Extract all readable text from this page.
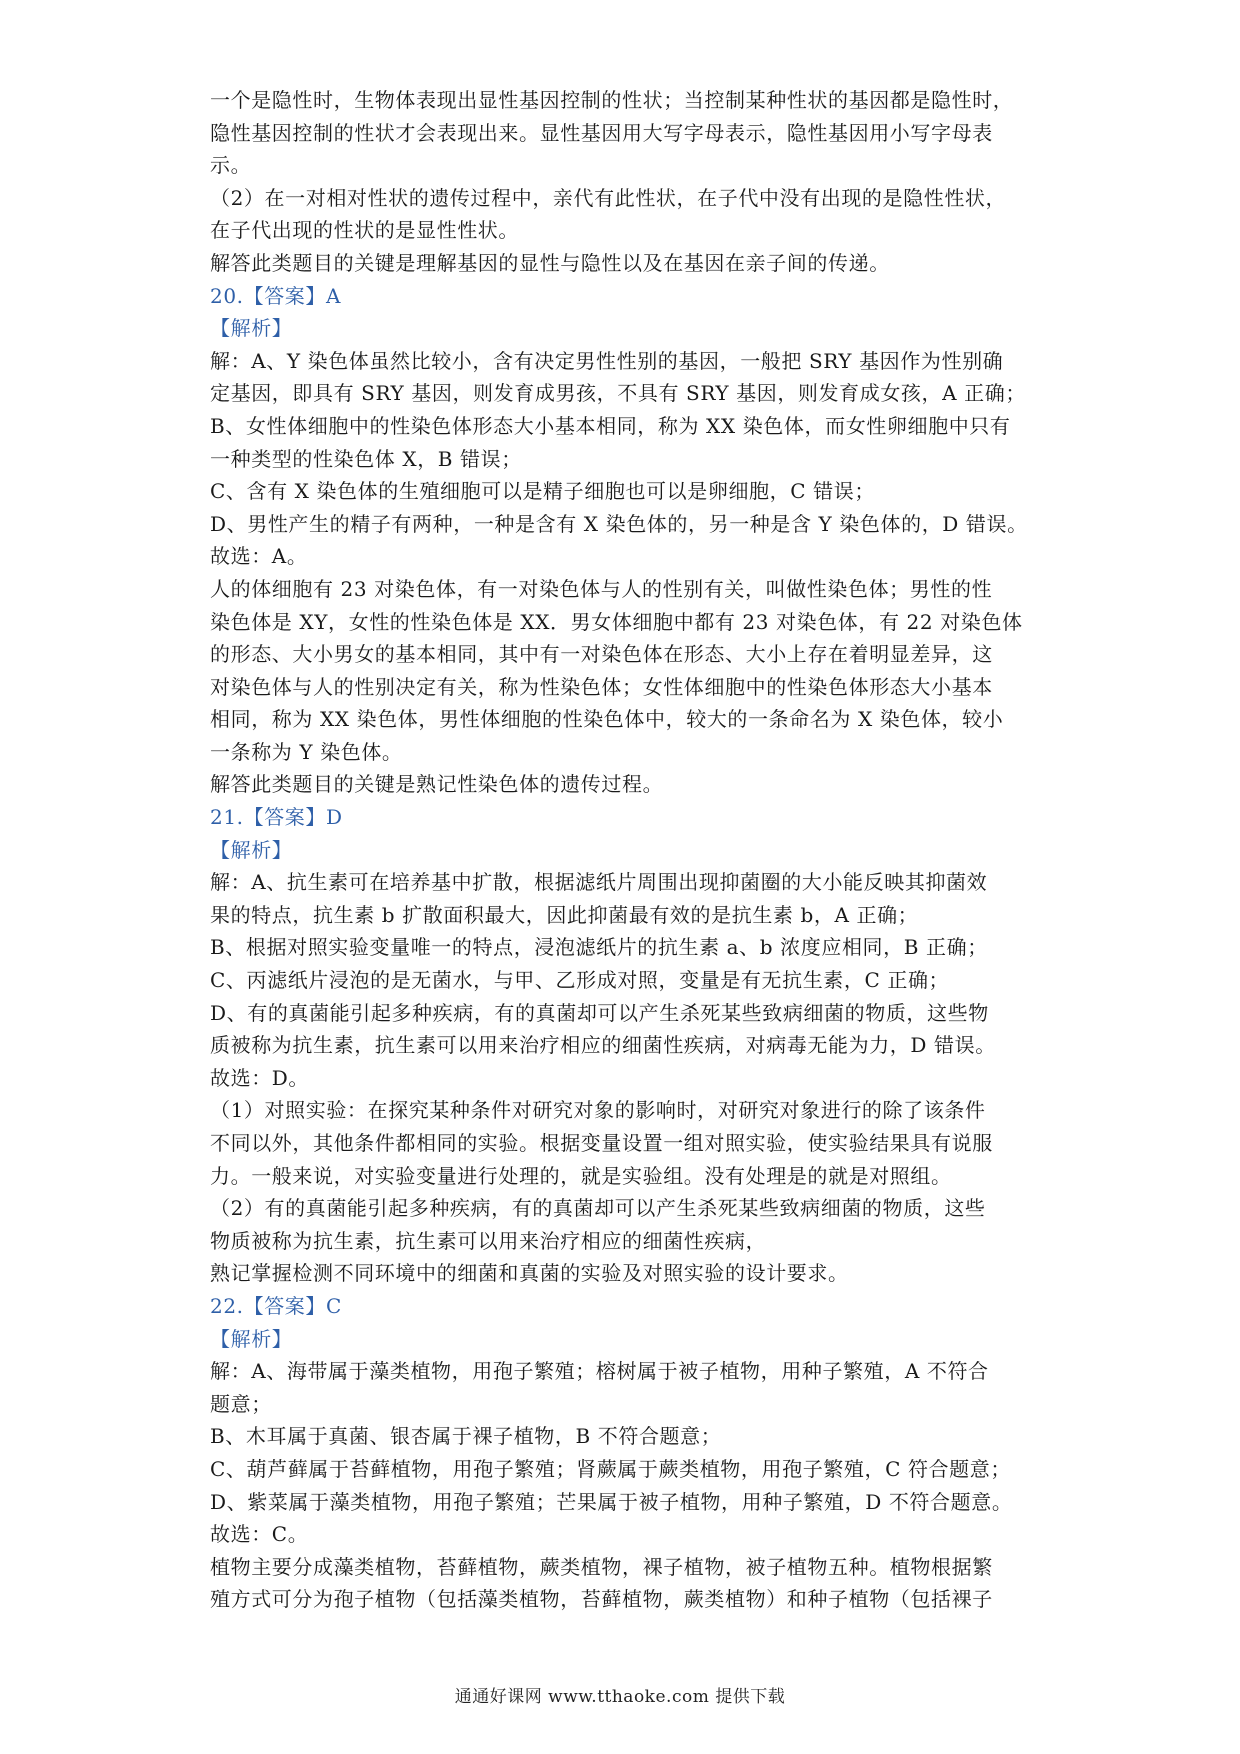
一个是隐性时，生物体表现出显性基因控制的性状；当控制某种性状的基因都是隐性时，
隐性基因控制的性状才会表现出来。显性基因用大写字母表示，隐性基因用小写字母表
示。
（2）在一对相对性状的遗传过程中，亲代有此性状，在子代中没有出现的是隐性性状，
在子代出现的性状的是显性性状。
解答此类题目的关键是理解基因的显性与隐性以及在基因在亲子间的传递。
20.【答案】A
【解析】
解：A、Y 染色体虽然比较小，含有决定男性性别的基因，一般把 SRY 基因作为性别确
定基因，即具有 SRY 基因，则发育成男孩，不具有 SRY 基因，则发育成女孩，A 正确；
B、女性体细胞中的性染色体形态大小基本相同，称为 XX 染色体，而女性卵细胞中只有
一种类型的性染色体 X，B 错误；
C、含有 X 染色体的生殖细胞可以是精子细胞也可以是卵细胞，C 错误；
D、男性产生的精子有两种，一种是含有 X 染色体的，另一种是含 Y 染色体的，D 错误。
故选：A。
人的体细胞有 23 对染色体，有一对染色体与人的性别有关，叫做性染色体；男性的性
染色体是 XY，女性的性染色体是 XX．男女体细胞中都有 23 对染色体，有 22 对染色体
的形态、大小男女的基本相同，其中有一对染色体在形态、大小上存在着明显差异，这
对染色体与人的性别决定有关，称为性染色体；女性体细胞中的性染色体形态大小基本
相同，称为 XX 染色体，男性体细胞的性染色体中，较大的一条命名为 X 染色体，较小
一条称为 Y 染色体。
解答此类题目的关键是熟记性染色体的遗传过程。
21.【答案】D
【解析】
解：A、抗生素可在培养基中扩散，根据滤纸片周围出现抑菌圈的大小能反映其抑菌效
果的特点，抗生素 b 扩散面积最大，因此抑菌最有效的是抗生素 b，A 正确；
B、根据对照实验变量唯一的特点，浸泡滤纸片的抗生素 a、b 浓度应相同，B 正确；
C、丙滤纸片浸泡的是无菌水，与甲、乙形成对照，变量是有无抗生素，C 正确；
D、有的真菌能引起多种疾病，有的真菌却可以产生杀死某些致病细菌的物质，这些物
质被称为抗生素，抗生素可以用来治疗相应的细菌性疾病，对病毒无能为力，D 错误。
故选：D。
（1）对照实验：在探究某种条件对研究对象的影响时，对研究对象进行的除了该条件
不同以外，其他条件都相同的实验。根据变量设置一组对照实验，使实验结果具有说服
力。一般来说，对实验变量进行处理的，就是实验组。没有处理是的就是对照组。
（2）有的真菌能引起多种疾病，有的真菌却可以产生杀死某些致病细菌的物质，这些
物质被称为抗生素，抗生素可以用来治疗相应的细菌性疾病，
熟记掌握检测不同环境中的细菌和真菌的实验及对照实验的设计要求。
22.【答案】C
【解析】
解：A、海带属于藻类植物，用孢子繁殖；榕树属于被子植物，用种子繁殖，A 不符合
题意；
B、木耳属于真菌、银杏属于裸子植物，B 不符合题意；
C、葫芦藓属于苔藓植物，用孢子繁殖；肾蕨属于蕨类植物，用孢子繁殖，C 符合题意；
D、紫菜属于藻类植物，用孢子繁殖；芒果属于被子植物，用种子繁殖，D 不符合题意。
故选：C。
植物主要分成藻类植物，苔藓植物，蕨类植物，裸子植物，被子植物五种。植物根据繁
殖方式可分为孢子植物（包括藻类植物，苔藓植物，蕨类植物）和种子植物（包括裸子
通通好课网 www.tthaoke.com 提供下载
